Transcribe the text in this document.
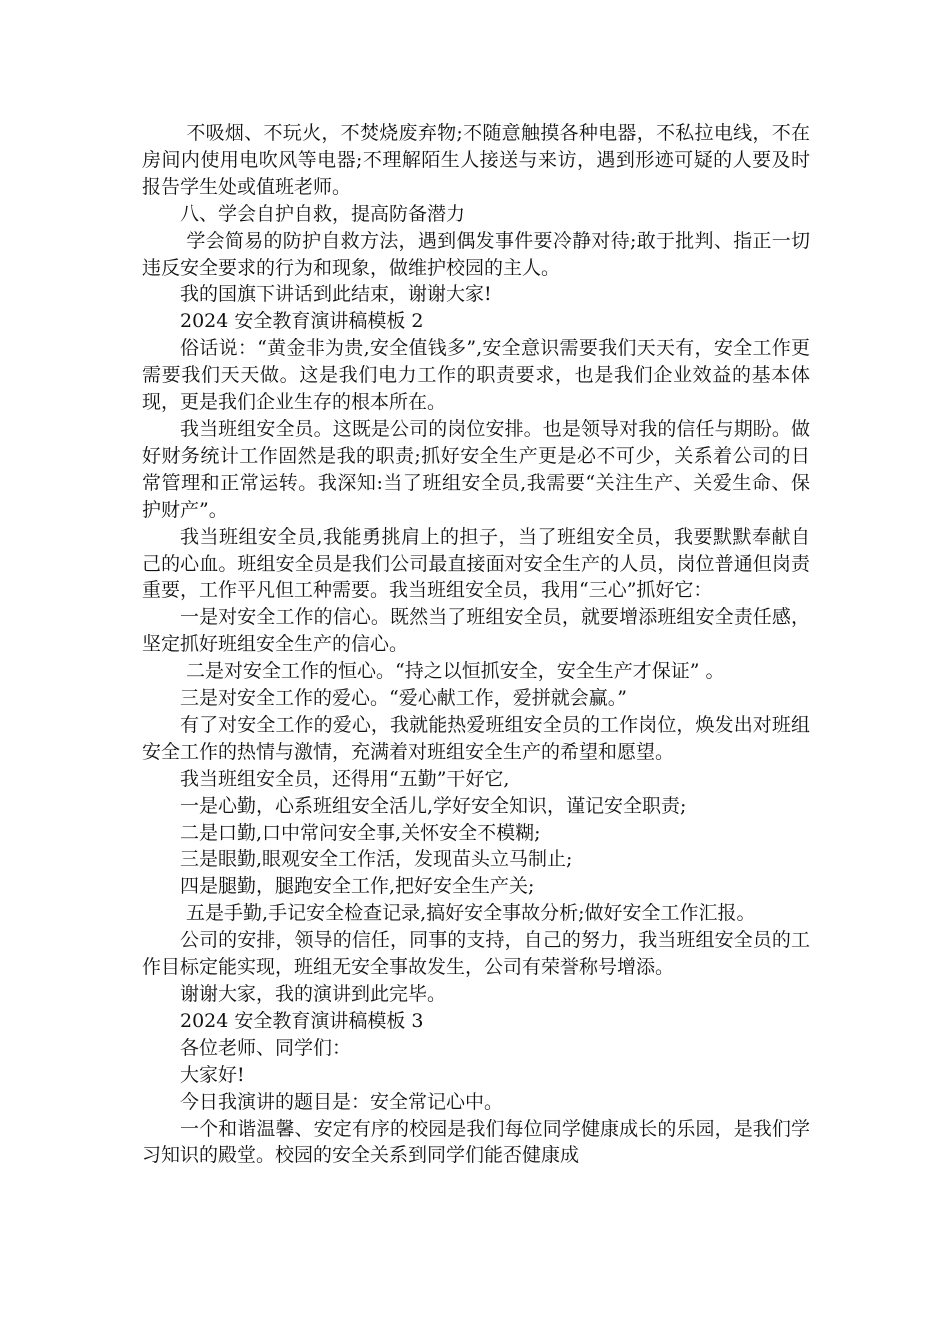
不吸烟、不玩火，不焚烧废弃物;不随意触摸各种电器，不私拉电线，不在房间内使用电吹风等电器;不理解陌生人接送与来访，遇到形迹可疑的人要及时报告学生处或值班老师。

八、学会自护自救，提高防备潜力

学会简易的防护自救方法，遇到偶发事件要冷静对待;敢于批判、指正一切违反安全要求的行为和现象，做维护校园的主人。

我的国旗下讲话到此结束，谢谢大家!

2024 安全教育演讲稿模板 2

俗话说：“黄金非为贵,安全值钱多”,安全意识需要我们天天有，安全工作更需要我们天天做。这是我们电力工作的职责要求，也是我们企业效益的基本体现，更是我们企业生存的根本所在。

我当班组安全员。这既是公司的岗位安排。也是领导对我的信任与期盼。做好财务统计工作固然是我的职责;抓好安全生产更是必不可少，关系着公司的日常管理和正常运转。我深知:当了班组安全员,我需要“关注生产、关爱生命、保护财产”。

我当班组安全员,我能勇挑肩上的担子，当了班组安全员，我要默默奉献自己的心血。班组安全员是我们公司最直接面对安全生产的人员，岗位普通但岗责重要，工作平凡但工种需要。我当班组安全员，我用“三心”抓好它：

一是对安全工作的信心。既然当了班组安全员，就要增添班组安全责任感，坚定抓好班组安全生产的信心。

二是对安全工作的恒心。“持之以恒抓安全，安全生产才保证” 。

三是对安全工作的爱心。“爱心献工作，爱拼就会赢。”

有了对安全工作的爱心，我就能热爱班组安全员的工作岗位，焕发出对班组安全工作的热情与激情，充满着对班组安全生产的希望和愿望。

我当班组安全员，还得用“五勤”干好它,

一是心勤，心系班组安全活儿,学好安全知识，谨记安全职责;

二是口勤,口中常问安全事,关怀安全不模糊;

三是眼勤,眼观安全工作活，发现苗头立马制止;

四是腿勤，腿跑安全工作,把好安全生产关;

五是手勤,手记安全检查记录,搞好安全事故分析;做好安全工作汇报。

公司的安排，领导的信任，同事的支持，自己的努力，我当班组安全员的工作目标定能实现，班组无安全事故发生，公司有荣誉称号增添。

谢谢大家，我的演讲到此完毕。

2024 安全教育演讲稿模板 3

各位老师、同学们：

大家好!

今日我演讲的题目是：安全常记心中。

一个和谐温馨、安定有序的校园是我们每位同学健康成长的乐园，是我们学习知识的殿堂。校园的安全关系到同学们能否健康成
